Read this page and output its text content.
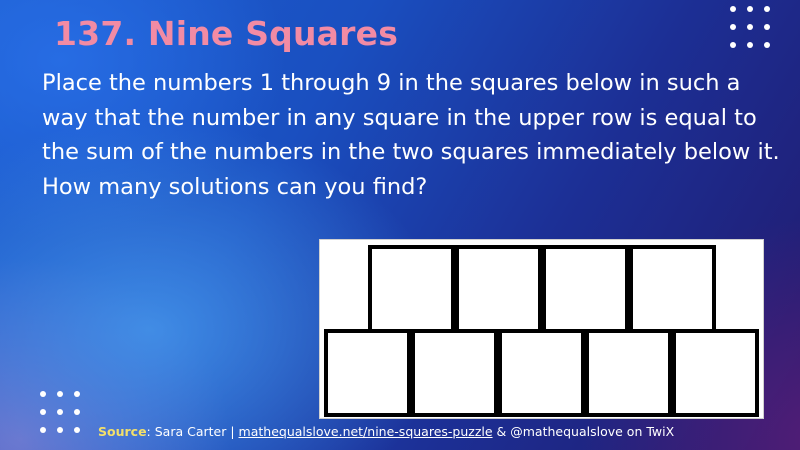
137. Nine Squares

Place the numbers 1 through 9 in the squares below in such a way that the number in any square in the upper row is equal to the sum of the numbers in the two squares immediately below it. How many solutions can you find?

Source: Sara Carter | mathequalslove.net/nine-squares-puzzle & @mathequalslove on TwiX
